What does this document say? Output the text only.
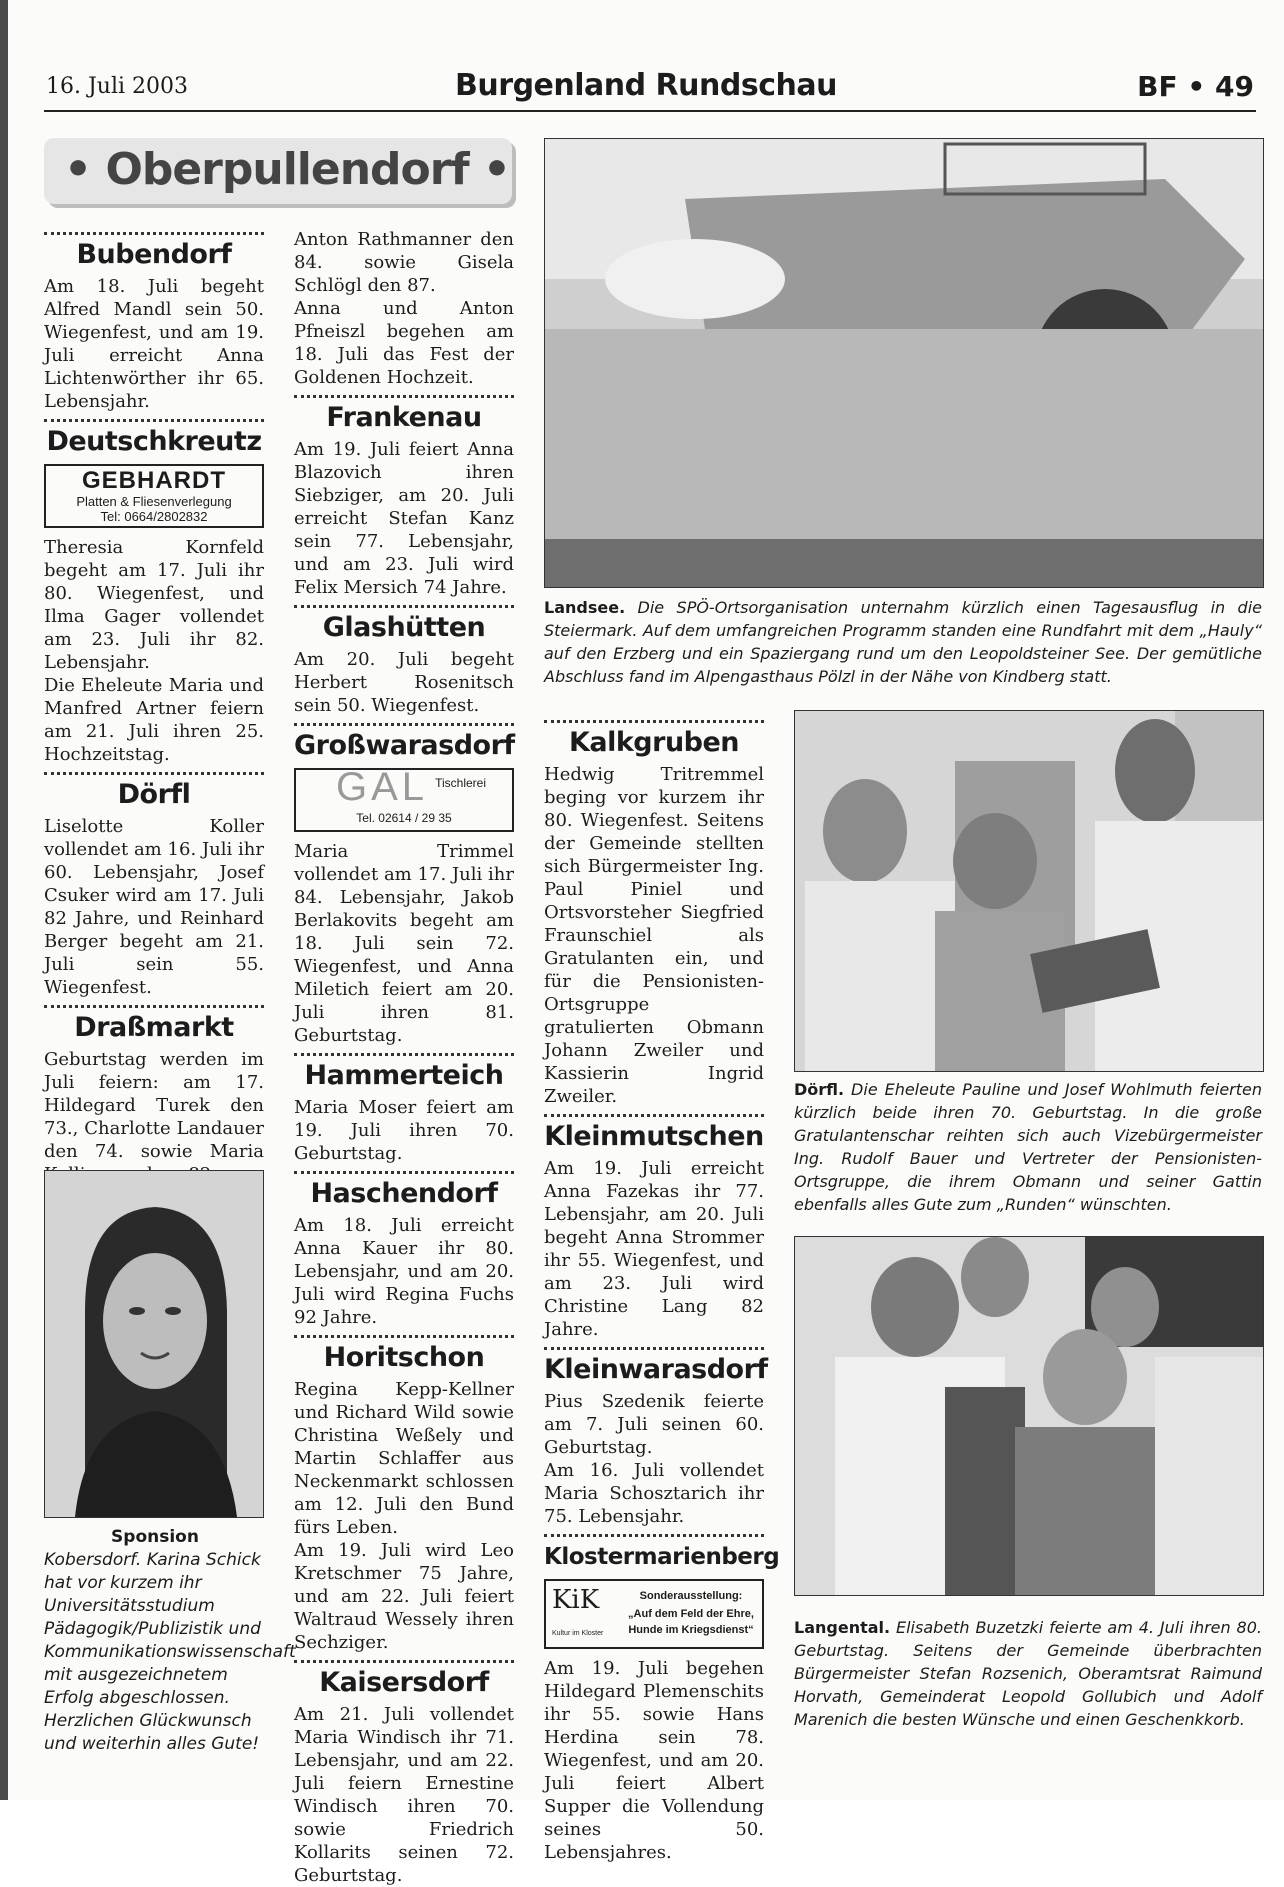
16. Juli 2003	Burgenland Rundschau	BF • 49
• Oberpullendorf •
Bubendorf

Am 18. Juli begeht Alfred Mandl sein 50. Wiegenfest, und am 19. Juli erreicht Anna Lichtenwörther ihr 65. Lebensjahr.

Deutschkreutz
GEBHARDT
Platten & Fliesenverlegung
Tel: 0664/2802832

Theresia Kornfeld begeht am 17. Juli ihr 80. Wiegenfest, und Ilma Gager vollendet am 23. Juli ihr 82. Lebensjahr.

Die Eheleute Maria und Manfred Artner feiern am 21. Juli ihren 25. Hochzeitstag.

Dörfl

Liselotte Koller vollendet am 16. Juli ihr 60. Lebensjahr, Josef Csuker wird am 17. Juli 82 Jahre, und Reinhard Berger begeht am 21. Juli sein 55. Wiegenfest.

Draßmarkt

Geburtstag werden im Juli feiern: am 17. Hildegard Turek den 73., Charlotte Landauer den 74. sowie Maria

Sponsion

Kobersdorf. Karina Schick hat vor kurzem ihr Universitätsstudium Pädagogik/Publizistik und Kommunikationswissenschaft mit ausgezeichnetem Erfolg abgeschlossen. Herzlichen Glückwunsch und weiterhin alles Gute!

Anton Rathmanner den 84. sowie Gisela Schlögl den 87.

Anna und Anton Pfneiszl begehen am 18. Juli das Fest der Goldenen Hochzeit.

Frankenau

Am 19. Juli feiert Anna Blazovich ihren Siebziger, am 20. Juli erreicht Stefan Kanz sein 77. Lebensjahr, und am 23. Juli wird Felix Mersich 74 Jahre.

Glashütten

Am 20. Juli begeht Herbert Rosenitsch sein 50. Wiegenfest.

Großwarasdorf
Tischlerei
GAL
Tel. 02614 / 29 35

Maria Trimmel vollendet am 17. Juli ihr 84. Lebensjahr, Jakob Berlakovits begeht am 18. Juli sein 72. Wiegenfest, und Anna Miletich feiert am 20. Juli ihren 81. Geburtstag.

Hammerteich

Maria Moser feiert am 19. Juli ihren 70. Geburtstag.

Haschendorf

Am 18. Juli erreicht Anna Kauer ihr 80. Lebensjahr, und am 20. Juli wird Regina Fuchs 92 Jahre.

Horitschon

Regina Kepp-Kellner und Richard Wild sowie Christina Weßely und Martin Schlaffer aus Neckenmarkt schlossen am 12. Juli den Bund fürs Leben.

Am 19. Juli wird Leo Kretschmer 75 Jahre, und am 22. Juli feiert Waltraud Wessely ihren Sechziger.

Kaisersdorf

Am 21. Juli vollendet Maria Windisch ihr 71. Lebensjahr, und am 22. Juli feiern Ernestine Windisch ihren 70. sowie Friedrich Kollarits seinen 72. Geburtstag.

Landsee. Die SPÖ-Ortsorganisation unternahm kürzlich einen Tagesausflug in die Steiermark. Auf dem umfangreichen Programm standen eine Rundfahrt mit dem „Hauly“ auf den Erzberg und ein Spaziergang rund um den Leopoldsteiner See. Der gemütliche Abschluss fand im Alpengasthaus Pölzl in der Nähe von Kindberg statt.
Kalkgruben

Hedwig Tritremmel beging vor kurzem ihr 80. Wiegenfest. Seitens der Gemeinde stellten sich Bürgermeister Ing. Paul Piniel und Ortsvorsteher Siegfried Fraunschiel als Gratulanten ein, und für die Pensionisten-Ortsgruppe gratulierten Obmann Johann Zweiler und Kassierin Ingrid Zweiler.

Kleinmutschen

Am 19. Juli erreicht Anna Fazekas ihr 77. Lebensjahr, am 20. Juli begeht Anna Strommer ihr 55. Wiegenfest, und am 23. Juli wird Christine Lang 82 Jahre.

Kleinwarasdorf

Pius Szedenik feierte am 7. Juli seinen 60. Geburtstag.

Am 16. Juli vollendet Maria Schosztarich ihr 75. Lebensjahr.

Klostermarienberg
KiK
Kultur im Kloster
Sonderausstellung:
„Auf dem Feld der Ehre,
Hunde im Kriegsdienst“

Am 19. Juli begehen Hildegard Plemenschits ihr 55. sowie Hans Herdina sein 78. Wiegenfest, und am 20. Juli feiert Albert Supper die Vollendung seines 50. Lebensjahres.

Dörfl. Die Eheleute Pauline und Josef Wohlmuth feierten kürzlich beide ihren 70. Geburtstag. In die große Gratulantenschar reihten sich auch Vizebürgermeister Ing. Rudolf Bauer und Vertreter der Pensionisten-Ortsgruppe, die ihrem Obmann und seiner Gattin ebenfalls alles Gute zum „Runden“ wünschten.
Langental. Elisabeth Buzetzki feierte am 4. Juli ihren 80. Geburtstag. Seitens der Gemeinde überbrachten Bürgermeister Stefan Rozsenich, Oberamtsrat Raimund Horvath, Gemeinderat Leopold Gollubich und Adolf Marenich die besten Wünsche und einen Geschenkkorb.
